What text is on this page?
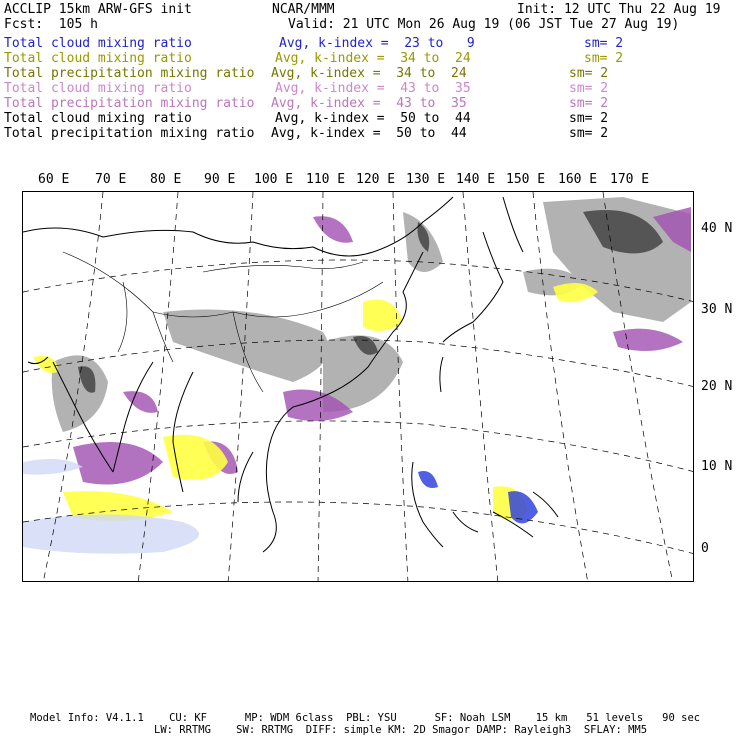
ACCLIP 15km ARW-GFS init	NCAR/MMM	Init: 12 UTC Thu 22 Aug 19
Fcst:  105 h	Valid: 21 UTC Mon 26 Aug 19 (06 JST Tue 27 Aug 19)
Total cloud mixing ratio	Avg, k-index =  23 to   9	sm= 2
Total cloud mixing ratio	Avg, k-index =  34 to  24	sm= 2
Total precipitation mixing ratio Avg, k-index =  34 to  24	sm= 2
Total cloud mixing ratio	Avg, k-index =  43 to  35	sm= 2
Total precipitation mixing ratio Avg, k-index =  43 to  35	sm= 2
Total cloud mixing ratio	Avg, k-index =  50 to  44	sm= 2
Total precipitation mixing ratio Avg, k-index =  50 to  44	sm= 2
60 E 70 E 80 E 90 E 100 E 110 E 120 E 130 E 140 E 150 E 160 E 170 E
40 N
30 N
20 N
10 N
0
Model Info: V4.1.1    CU: KF      MP: WDM 6class  PBL: YSU      SF: Noah LSM    15 km   51 levels   90 sec
LW: RRTMG    SW: RRTMG  DIFF: simple KM: 2D Smagor DAMP: Rayleigh3  SFLAY: MM5
